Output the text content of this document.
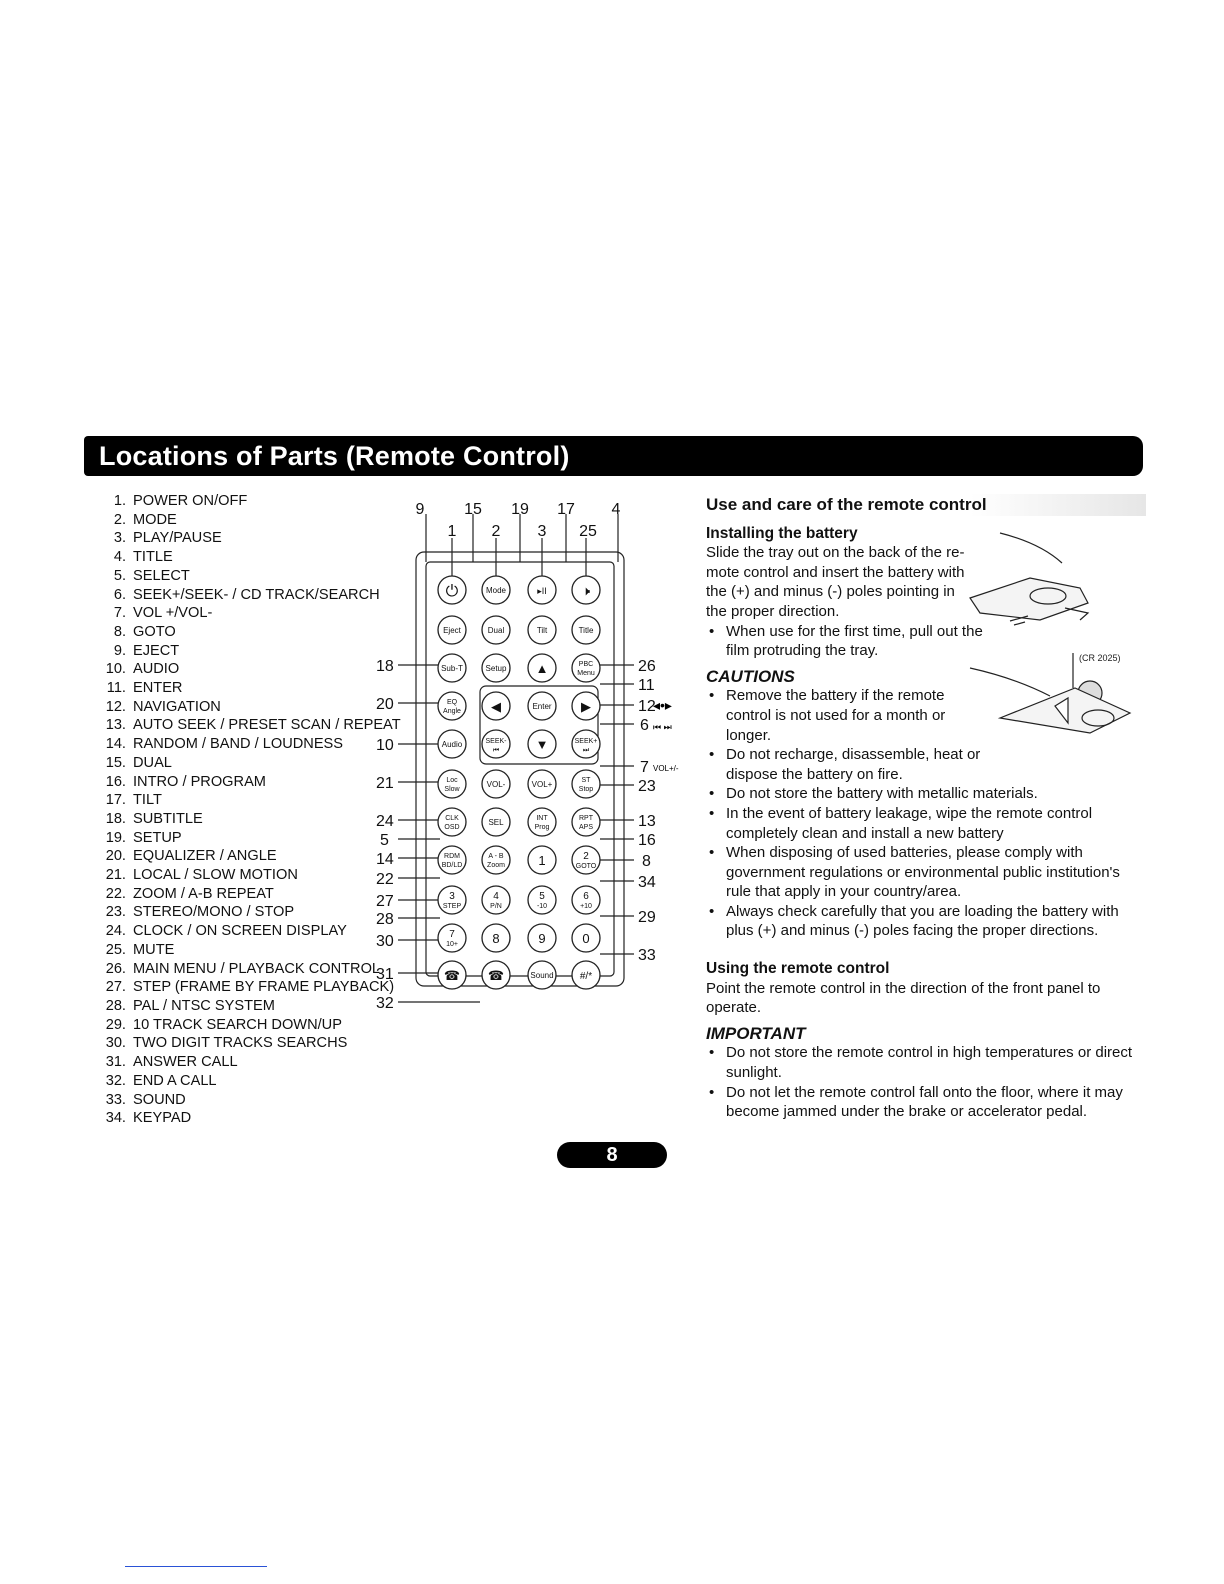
Locations of Parts (Remote Control)
1. POWER ON/OFF
2. MODE
3. PLAY/PAUSE
4. TITLE
5. SELECT
6. SEEK+/SEEK- / CD TRACK/SEARCH
7. VOL +/VOL-
8. GOTO
9. EJECT
10. AUDIO
11. ENTER
12. NAVIGATION
13. AUTO SEEK / PRESET SCAN / REPEAT
14. RANDOM / BAND / LOUDNESS
15. DUAL
16. INTRO / PROGRAM
17. TILT
18. SUBTITLE
19. SETUP
20. EQUALIZER / ANGLE
21. LOCAL / SLOW MOTION
22. ZOOM / A-B REPEAT
23. STEREO/MONO / STOP
24. CLOCK / ON SCREEN DISPLAY
25. MUTE
26. MAIN MENU / PLAYBACK CONTROL
27. STEP (FRAME BY FRAME PLAYBACK)
28. PAL / NTSC SYSTEM
29. 10 TRACK SEARCH DOWN/UP
30. TWO DIGIT TRACKS SEARCHS
31. ANSWER CALL
32. END A CALL
33. SOUND
34. KEYPAD
9 15 19 17 4
1 2 3 25
18
20
10
21
24
5
14
22
27
28
30
31
32
26
11
12
6
7
23
13
16
8
34
29
33
VOL+/-
◂•▸
⏮ ⏭
⏻	Mode	▸II	🕨
Eject	Dual	Tilt	Title
Sub-T	Setup ▲	PBC
Menu
EQ
Angle ◀	Enter ▶
Audio	SEEK-
⏮	▼	SEEK+
⏭
Loc
Slow
VOL-	VOL+	ST
Stop
CLK
OSD
SEL	INT
Prog
RPT
APS
RDM
BD/LD
A - B
Zoom	1	2
GOTO
3
STEP
4
P/N
5
-10
6
+10
7
10+	8	9	0
☎ ☎	Sound	#/*
Use and care of the remote control
Installing the battery

Slide the tray out on the back of the re-
mote control and insert the battery with
the (+) and minus (-) poles pointing in
the proper direction.

• When use for the first time, pull out the film protruding the tray.
CAUTIONS
• Remove the battery if the remote control is not used for a month or longer.
• Do not recharge, disassemble, heat or dispose the battery on fire.
• Do not store the battery with metallic materials.
• In the event of battery leakage, wipe the remote control completely clean and install a new battery
• When disposing of used batteries, please comply with government regulations or environmental public institution's rule that apply in your country/area.
• Always check carefully that you are loading the battery with plus (+) and minus (-) poles facing the proper directions.
Using the remote control

Point the remote control in the direction of the front panel to operate.

IMPORTANT
• Do not store the remote control in high temperatures or direct sunlight.
• Do not let the remote control fall onto the floor, where it may become jammed under the brake or accelerator pedal.
(CR 2025)
8
